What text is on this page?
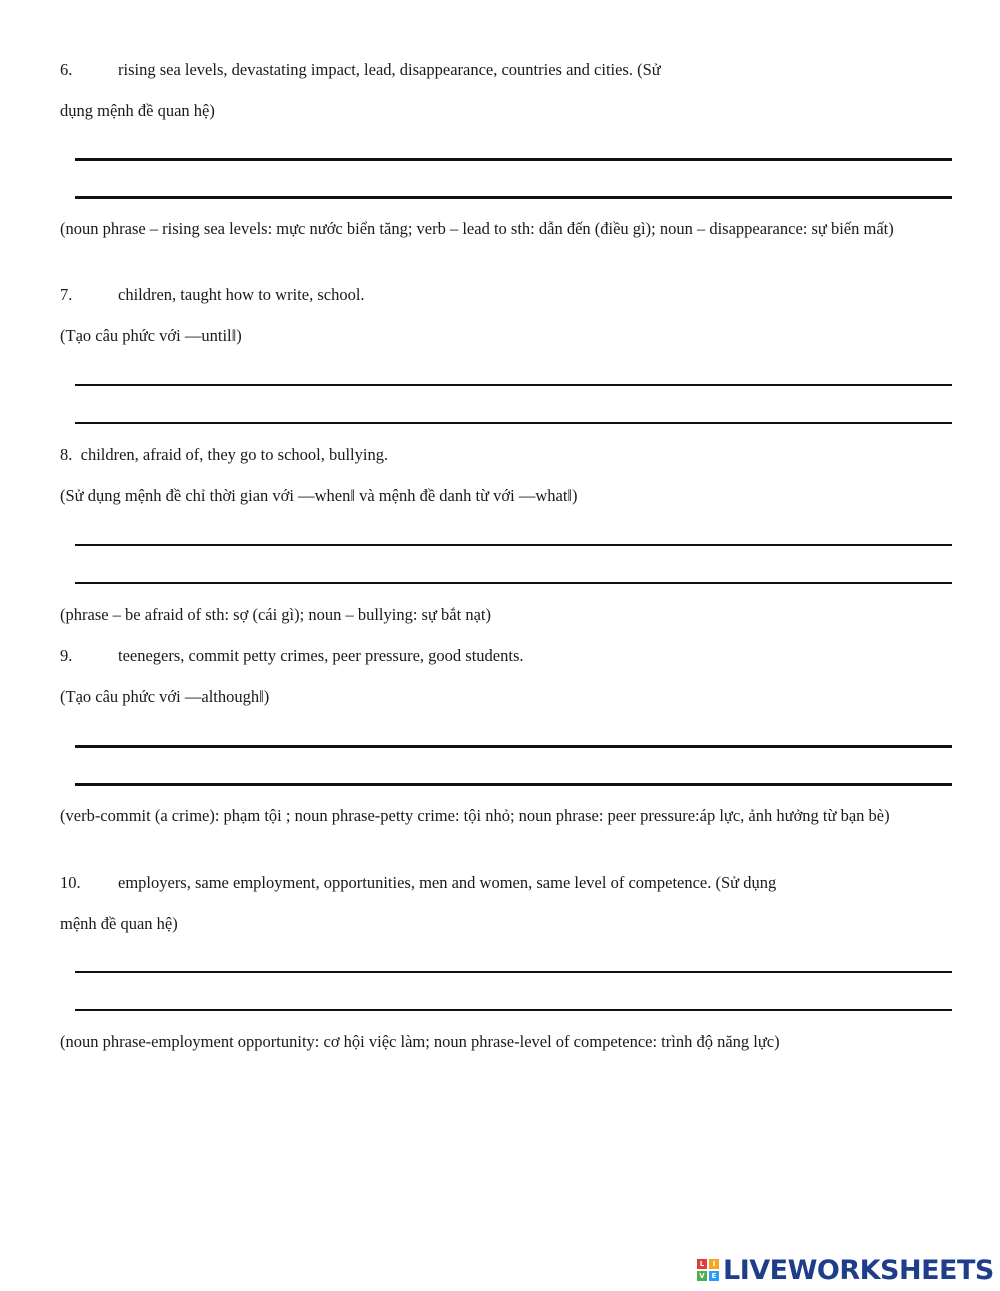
6.	rising sea levels, devastating impact, lead, disappearance, countries and cities. (Sử
dụng mệnh đề quan hệ)
(noun phrase – rising sea levels: mực nước biển tăng; verb – lead to sth: dẫn đến (điều gì); noun – disappearance: sự biến mất)
7.	children, taught how to write, school.
(Tạo câu phức với ―until‖)
8. children, afraid of, they go to school, bullying.
(Sử dụng mệnh đề chỉ thời gian với ―when‖ và mệnh đề danh từ với ―what‖)
(phrase – be afraid of sth: sợ (cái gì); noun – bullying: sự bắt nạt)
9.	teenegers, commit petty crimes, peer pressure, good students.
(Tạo câu phức với ―although‖)
(verb-commit (a crime): phạm tội ; noun phrase-petty crime: tội nhỏ; noun phrase: peer pressure:áp lực, ảnh hưởng từ bạn bè)
10. employers, same employment, opportunities, men and women, same level of competence. (Sử dụng
mệnh đề quan hệ)
(noun phrase-employment opportunity: cơ hội việc làm; noun phrase-level of competence: trình độ năng lực)
L	I
V E LIVEWORKSHEETS
